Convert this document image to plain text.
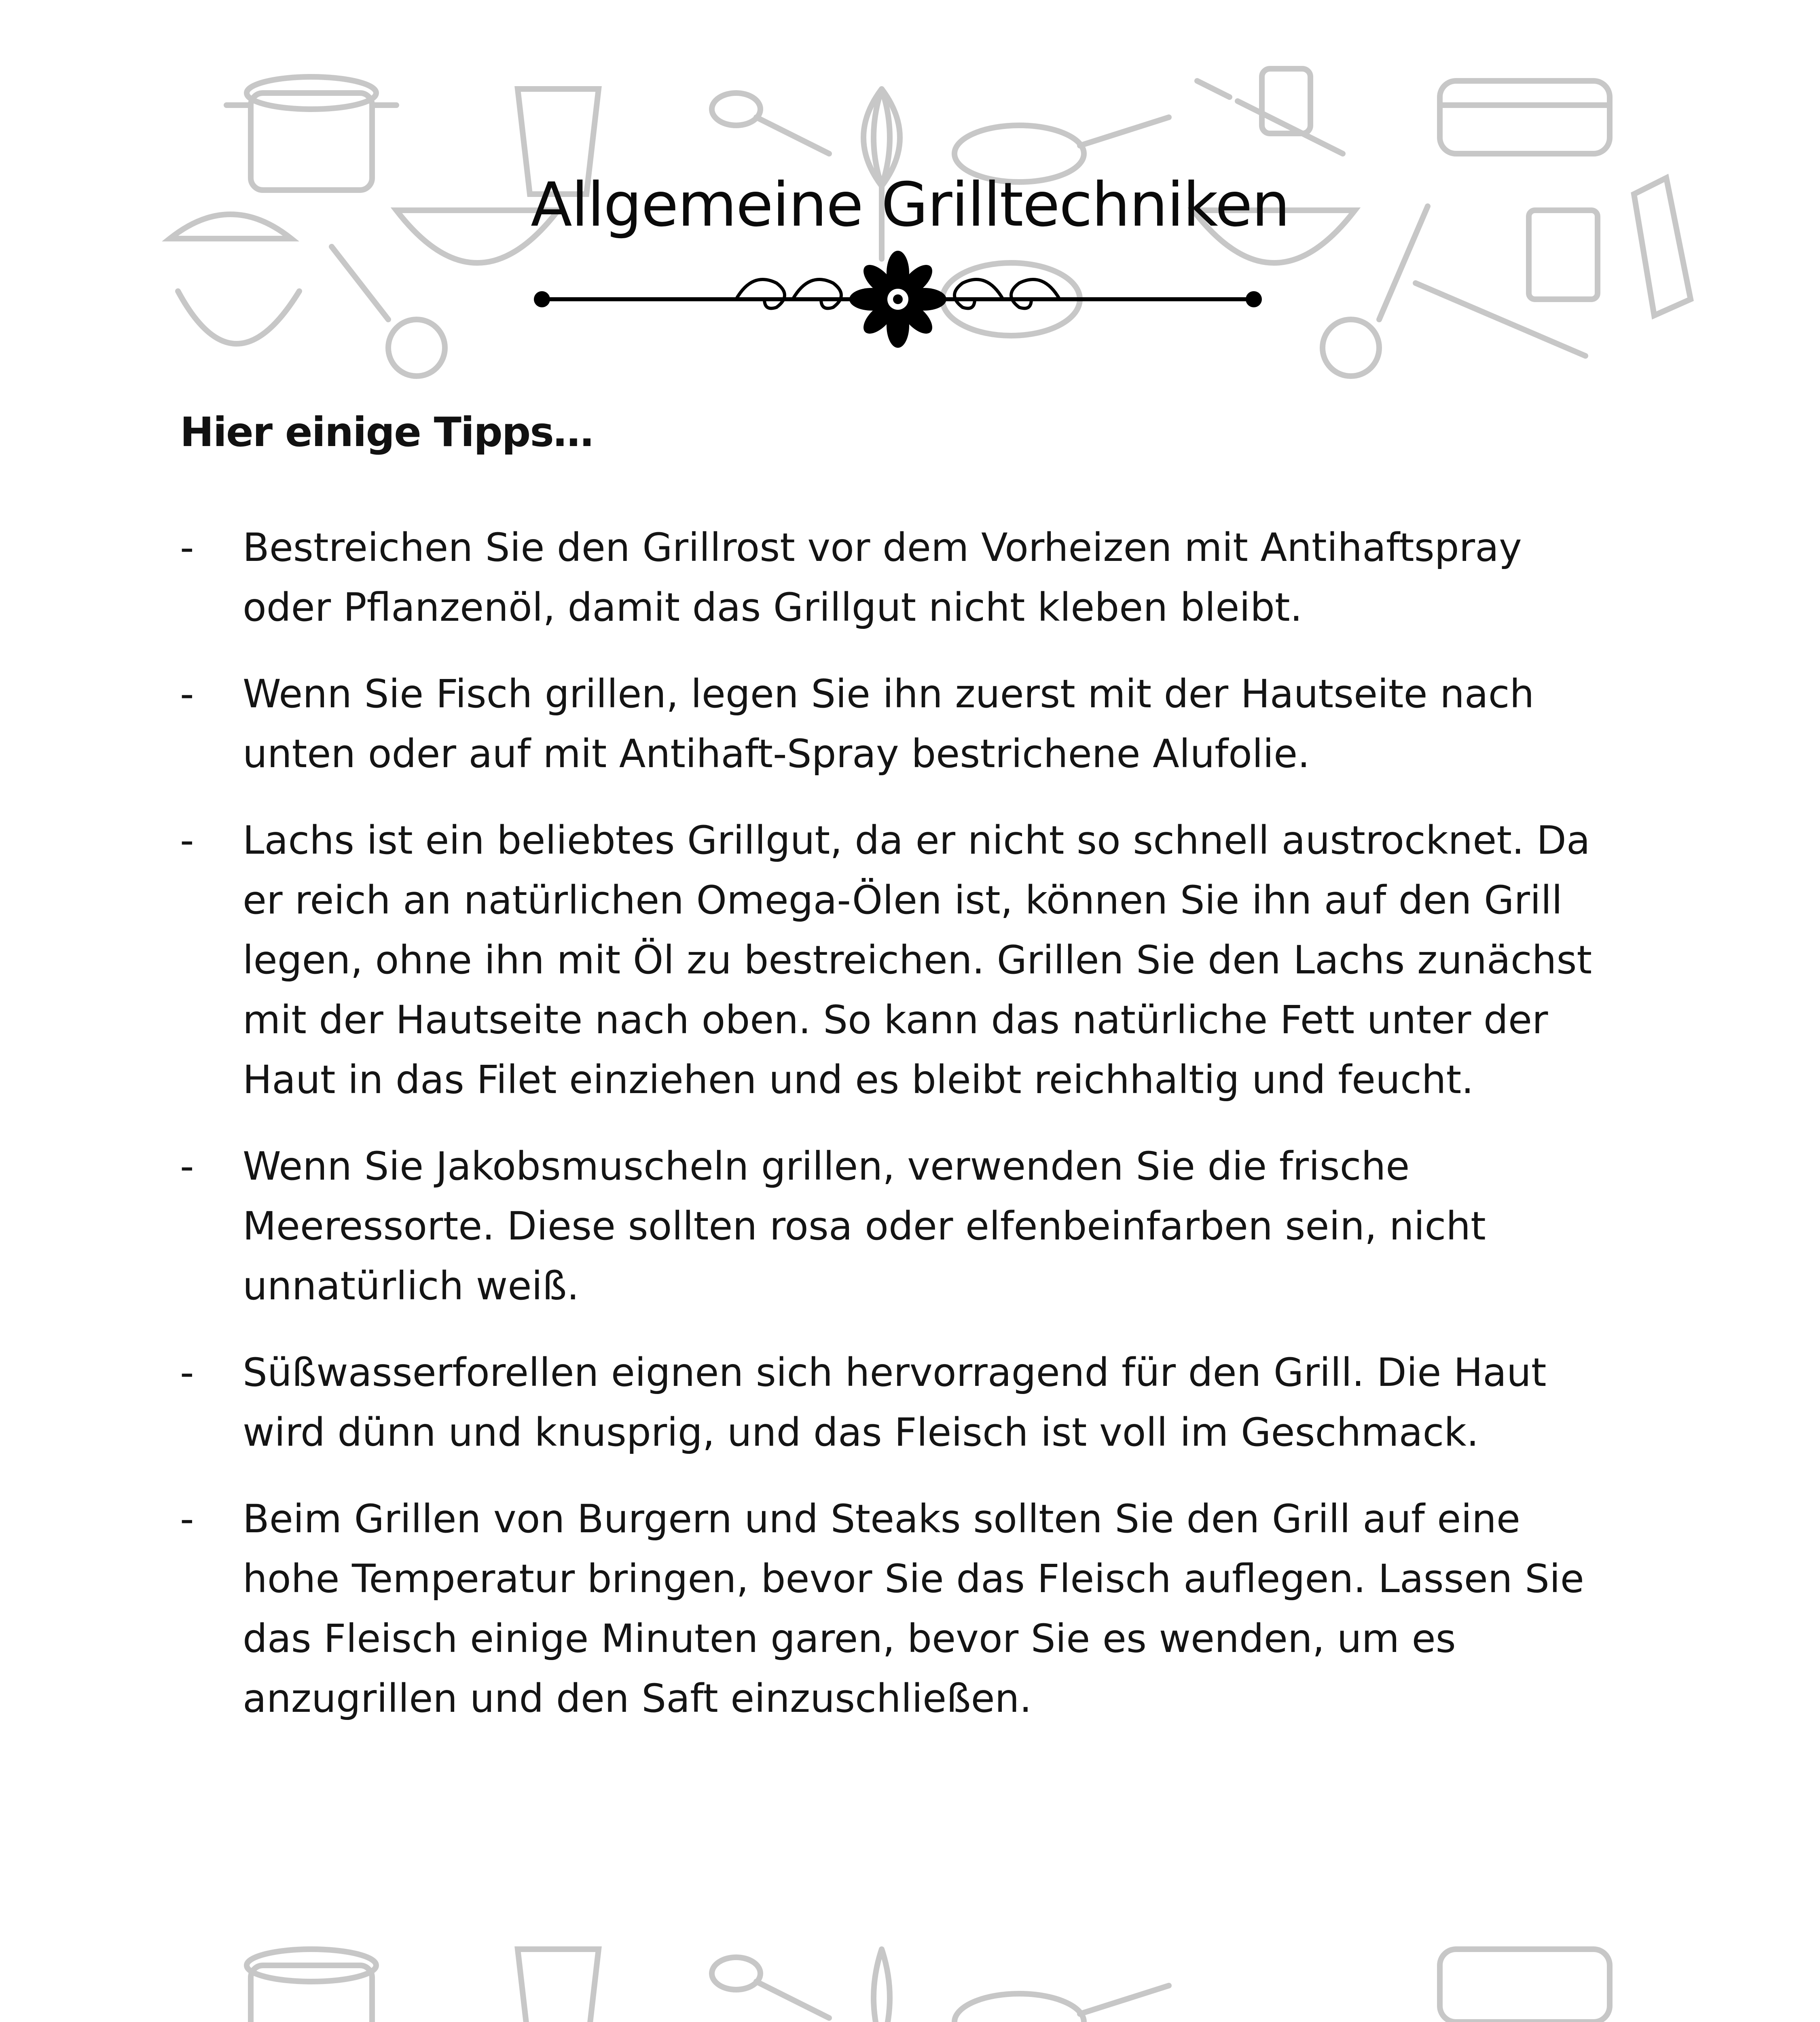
Allgemeine Grilltechniken
Hier einige Tipps…
- Bestreichen Sie den Grillrost vor dem Vorheizen mit Antihaftspray oder Pflanzenöl, damit das Grillgut nicht kleben bleibt.
- Wenn Sie Fisch grillen, legen Sie ihn zuerst mit der Hautseite nach unten oder auf mit Antihaft-Spray bestrichene Alufolie.
- Lachs ist ein beliebtes Grillgut, da er nicht so schnell austrocknet. Da er reich an natürlichen Omega-Ölen ist, können Sie ihn auf den Grill legen, ohne ihn mit Öl zu bestreichen. Grillen Sie den Lachs zunächst mit der Hautseite nach oben. So kann das natürliche Fett unter der Haut in das Filet einziehen und es bleibt reichhaltig und feucht.
- Wenn Sie Jakobsmuscheln grillen, verwenden Sie die frische Meeressorte. Diese sollten rosa oder elfenbeinfarben sein, nicht unnatürlich weiß.
- Süßwasserforellen eignen sich hervorragend für den Grill. Die Haut wird dünn und knusprig, und das Fleisch ist voll im Geschmack.
- Beim Grillen von Burgern und Steaks sollten Sie den Grill auf eine hohe Temperatur bringen, bevor Sie das Fleisch auflegen. Lassen Sie das Fleisch einige Minuten garen, bevor Sie es wenden, um es anzugrillen und den Saft einzuschließen.
